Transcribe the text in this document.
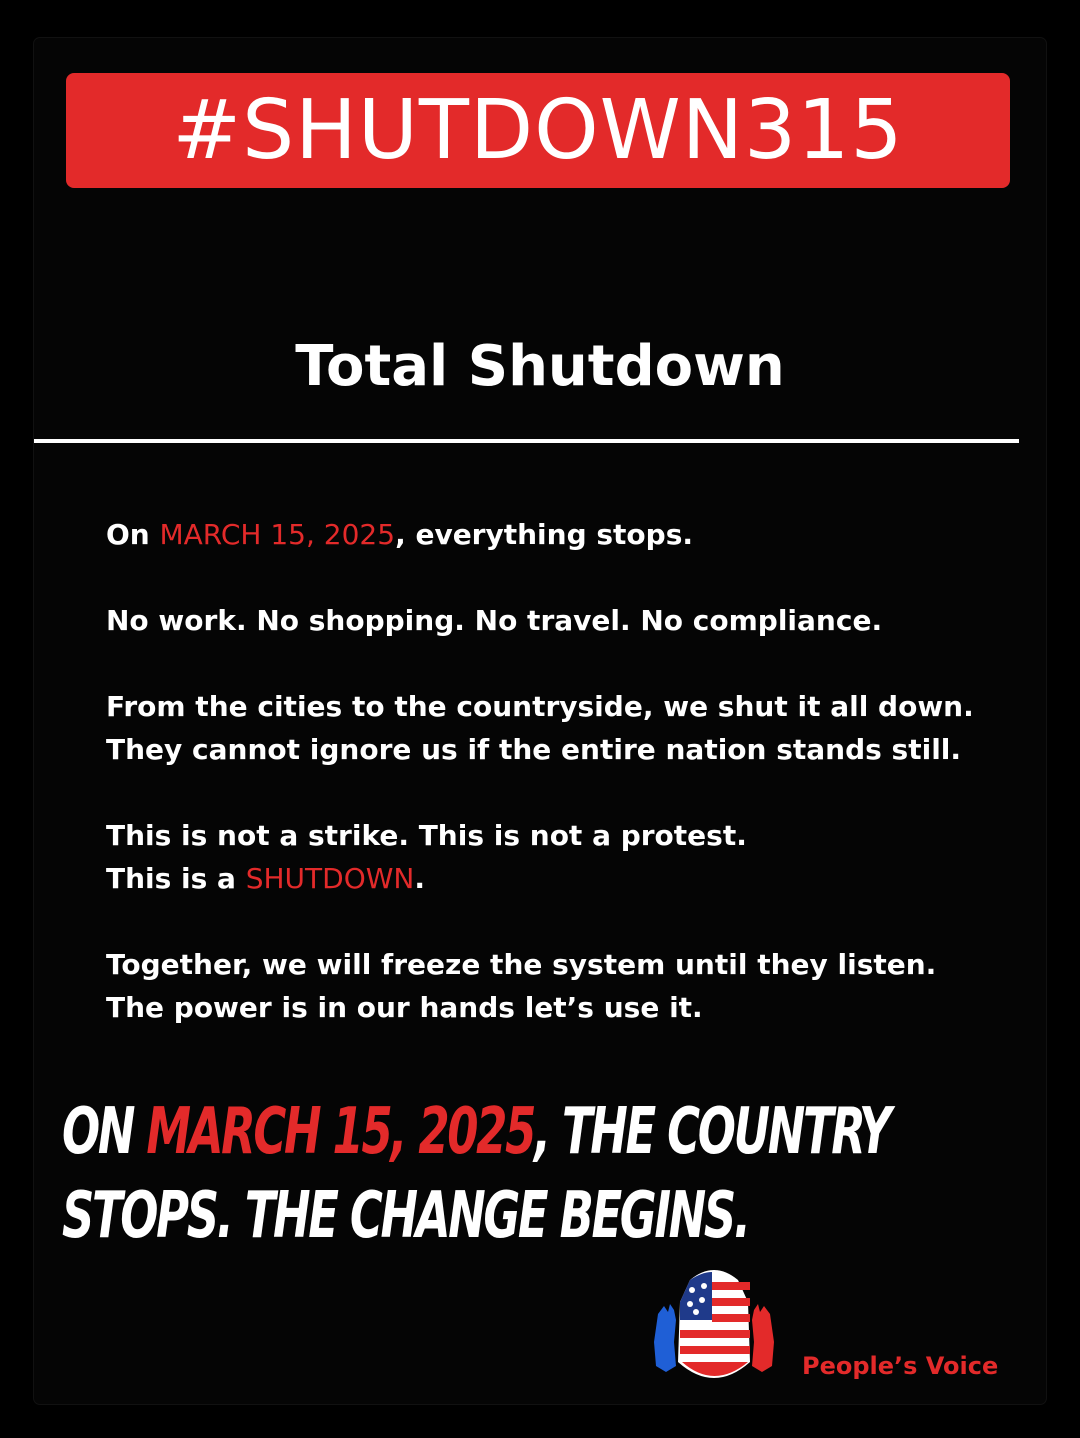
#SHUTDOWN315
Total Shutdown

On MARCH 15, 2025, everything stops.

No work. No shopping. No travel. No compliance.

From the cities to the countryside, we shut it all down.
They cannot ignore us if the entire nation stands still.

This is not a strike. This is not a protest.
This is a SHUTDOWN.

Together, we will freeze the system until they listen.
The power is in our hands let’s use it.

ON MARCH 15, 2025, THE COUNTRY
STOPS. THE CHANGE BEGINS.
People’s Voice
